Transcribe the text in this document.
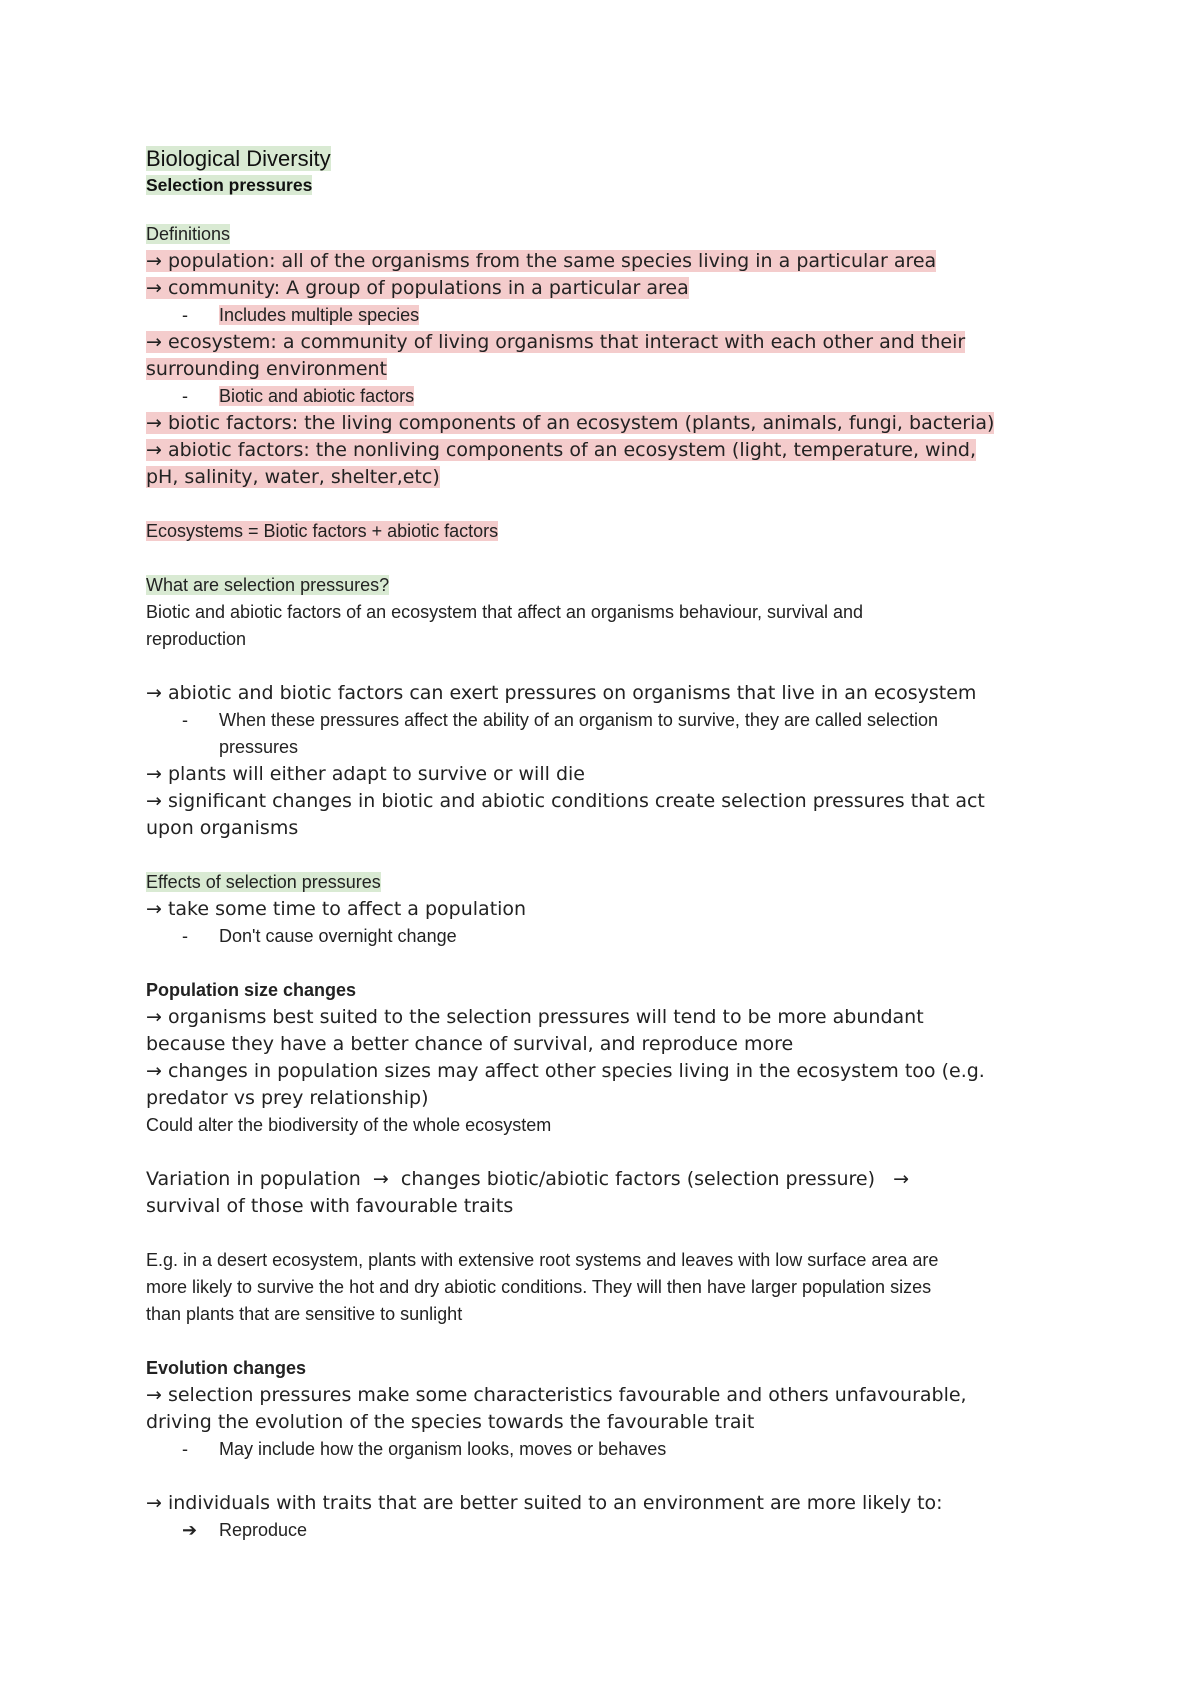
Biological Diversity

Selection pressures

Definitions

→ population: all of the organisms from the same species living in a particular area

→ community: A group of populations in a particular area

- Includes multiple species

→ ecosystem: a community of living organisms that interact with each other and their

surrounding environment

- Biotic and abiotic factors

→ biotic factors: the living components of an ecosystem (plants, animals, fungi, bacteria)

→ abiotic factors: the nonliving components of an ecosystem (light, temperature, wind,

pH, salinity, water, shelter,etc)

Ecosystems = Biotic factors + abiotic factors

What are selection pressures?

Biotic and abiotic factors of an ecosystem that affect an organisms behaviour, survival and

reproduction

→ abiotic and biotic factors can exert pressures on organisms that live in an ecosystem

- When these pressures affect the ability of an organism to survive, they are called selection

pressures

→ plants will either adapt to survive or will die

→ significant changes in biotic and abiotic conditions create selection pressures that act

upon organisms

Effects of selection pressures

→ take some time to affect a population

- Don't cause overnight change

Population size changes

→ organisms best suited to the selection pressures will tend to be more abundant

because they have a better chance of survival, and reproduce more

→ changes in population sizes may affect other species living in the ecosystem too (e.g.

predator vs prey relationship)

Could alter the biodiversity of the whole ecosystem

Variation in population  →  changes biotic/abiotic factors (selection pressure)   →

survival of those with favourable traits

E.g. in a desert ecosystem, plants with extensive root systems and leaves with low surface area are

more likely to survive the hot and dry abiotic conditions. They will then have larger population sizes

than plants that are sensitive to sunlight

Evolution changes

→ selection pressures make some characteristics favourable and others unfavourable,

driving the evolution of the species towards the favourable trait

- May include how the organism looks, moves or behaves

→ individuals with traits that are better suited to an environment are more likely to:

➔ Reproduce
